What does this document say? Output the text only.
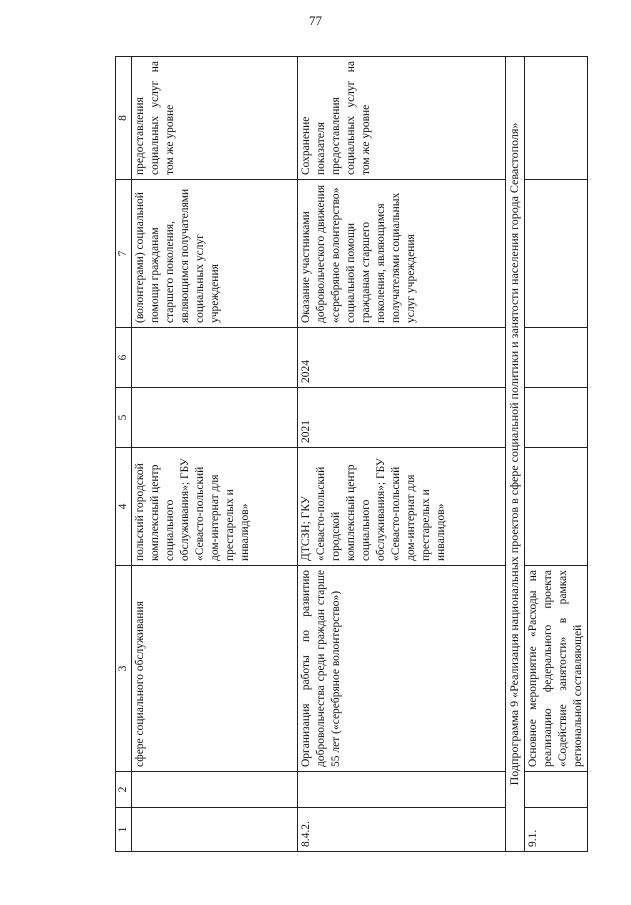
77
1	2	3	4	5	6	7	8
		сфере социального обслуживания	польский городской комплексный центр социального обслуживания»; ГБУ «Севасто-польский дом-интернат для престарелых и инвалидов»			(волонтерами) социальной помощи гражданам старшего поколения, являющимся получателями социальных услуг учреждения	предоставления социальных услуг на том же уровне
8.4.2.		Организация работы по развитию добровольчества среди граждан старше 55 лет («серебряное волонтерство»)	ДТСЗН; ГКУ «Севасто-польский городской комплексный центр социального обслуживания»; ГБУ «Севасто-польский дом-интернат для престарелых и инвалидов»	2021	2024	Оказание участниками добровольческого движения «серебряное волонтерство» социальной помощи гражданам старшего поколения, являющимся получателями социальных услуг учреждения	Сохранение показателя предоставления социальных услуг на том же уровне
Подпрограмма 9 «Реализация национальных проектов в сфере социальной политики и занятости населения города Севастополя»							
9.1.		Основное мероприятие «Расходы на реализацию федерального проекта «Содействие занятости» в рамках региональной составляющей					
